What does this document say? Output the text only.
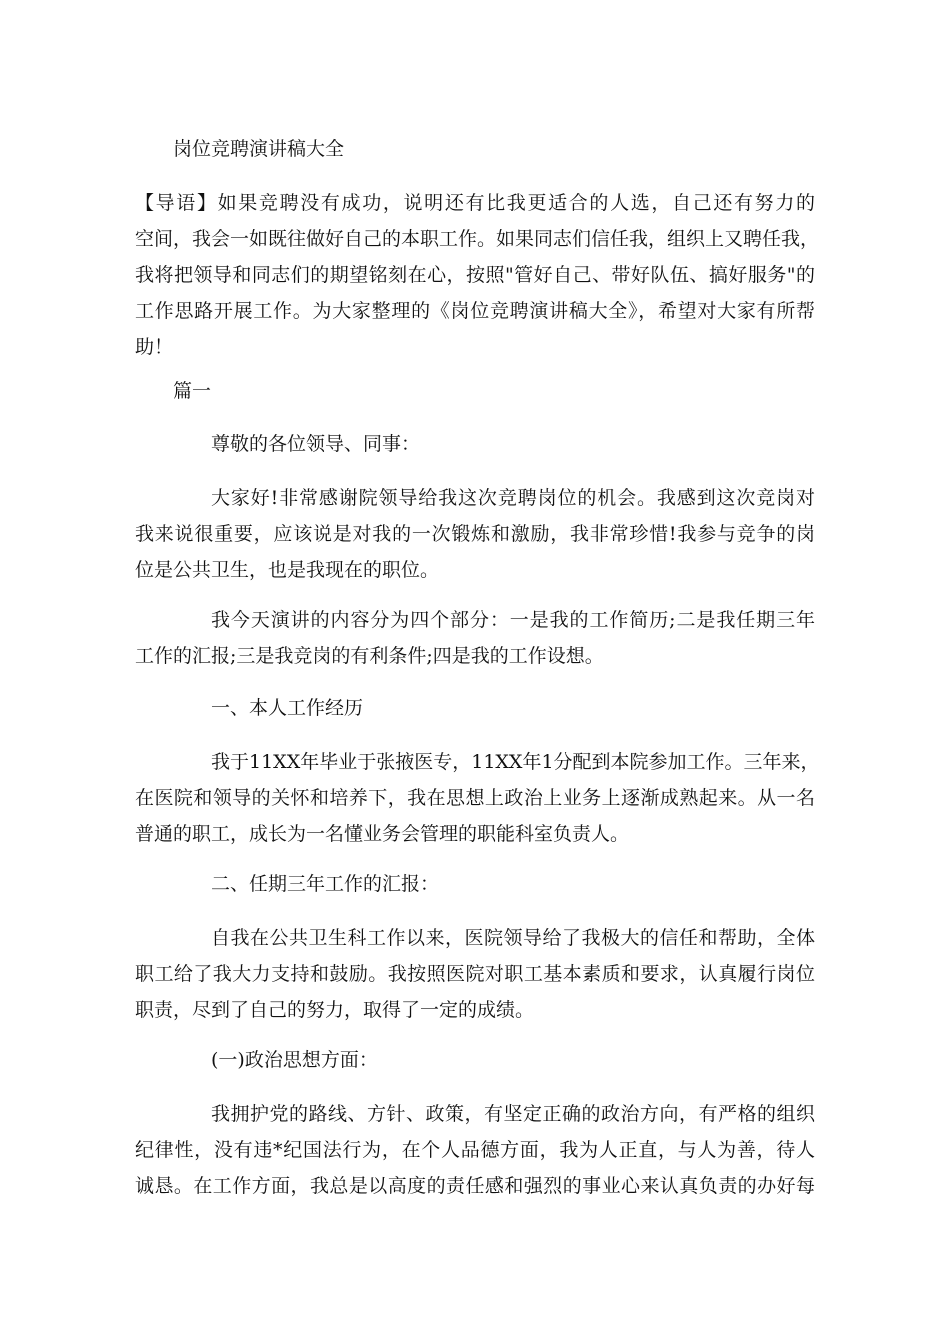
岗位竞聘演讲稿大全
【导语】如果竞聘没有成功，说明还有比我更适合的人选，自己还有努力的
空间，我会一如既往做好自己的本职工作。如果同志们信任我，组织上又聘任我，
我将把领导和同志们的期望铭刻在心，按照"管好自己、带好队伍、搞好服务"的
工作思路开展工作。为大家整理的《岗位竞聘演讲稿大全》，希望对大家有所帮
助！
篇一
尊敬的各位领导、同事：
大家好!非常感谢院领导给我这次竞聘岗位的机会。我感到这次竞岗对
我来说很重要，应该说是对我的一次锻炼和激励，我非常珍惜!我参与竞争的岗
位是公共卫生，也是我现在的职位。
我今天演讲的内容分为四个部分：一是我的工作简历;二是我任期三年
工作的汇报;三是我竞岗的有利条件;四是我的工作设想。
一、本人工作经历
我于11XX年毕业于张掖医专，11XX年1分配到本院参加工作。三年来，
在医院和领导的关怀和培养下，我在思想上政治上业务上逐渐成熟起来。从一名
普通的职工，成长为一名懂业务会管理的职能科室负责人。
二、任期三年工作的汇报：
自我在公共卫生科工作以来，医院领导给了我极大的信任和帮助，全体
职工给了我大力支持和鼓励。我按照医院对职工基本素质和要求，认真履行岗位
职责，尽到了自己的努力，取得了一定的成绩。
(一)政治思想方面：
我拥护党的路线、方针、政策，有坚定正确的政治方向，有严格的组织
纪律性，没有违*纪国法行为，在个人品德方面，我为人正直，与人为善，待人
诚恳。在工作方面，我总是以高度的责任感和强烈的事业心来认真负责的办好每
